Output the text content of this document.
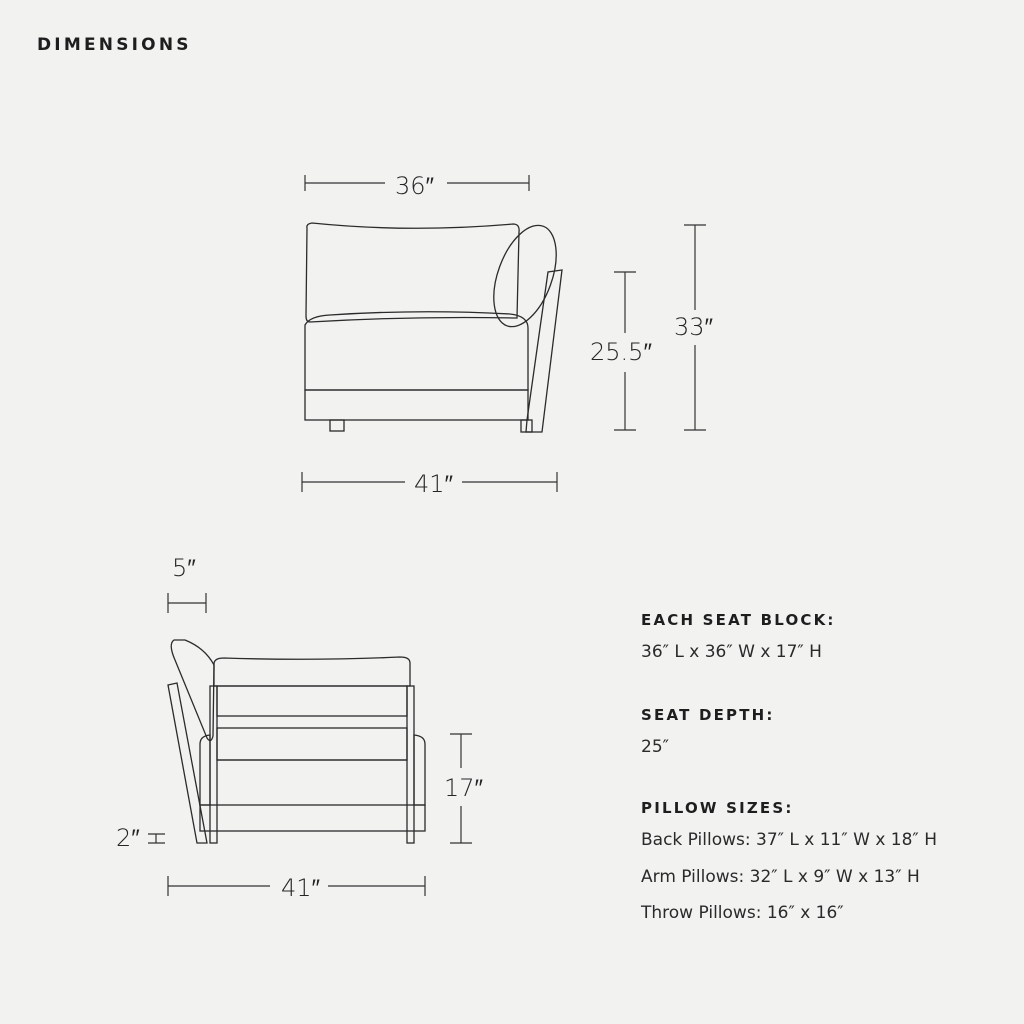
DIMENSIONS
36″
41″
25.5″
33″
5″
41″
17″
2″
EACH SEAT BLOCK:
36″ L x 36″ W x 17″ H
SEAT DEPTH:
25″
PILLOW SIZES:
Back Pillows: 37″ L x 11″ W x 18″ H
Arm Pillows: 32″ L x 9″ W x 13″ H
Throw Pillows: 16″ x 16″
